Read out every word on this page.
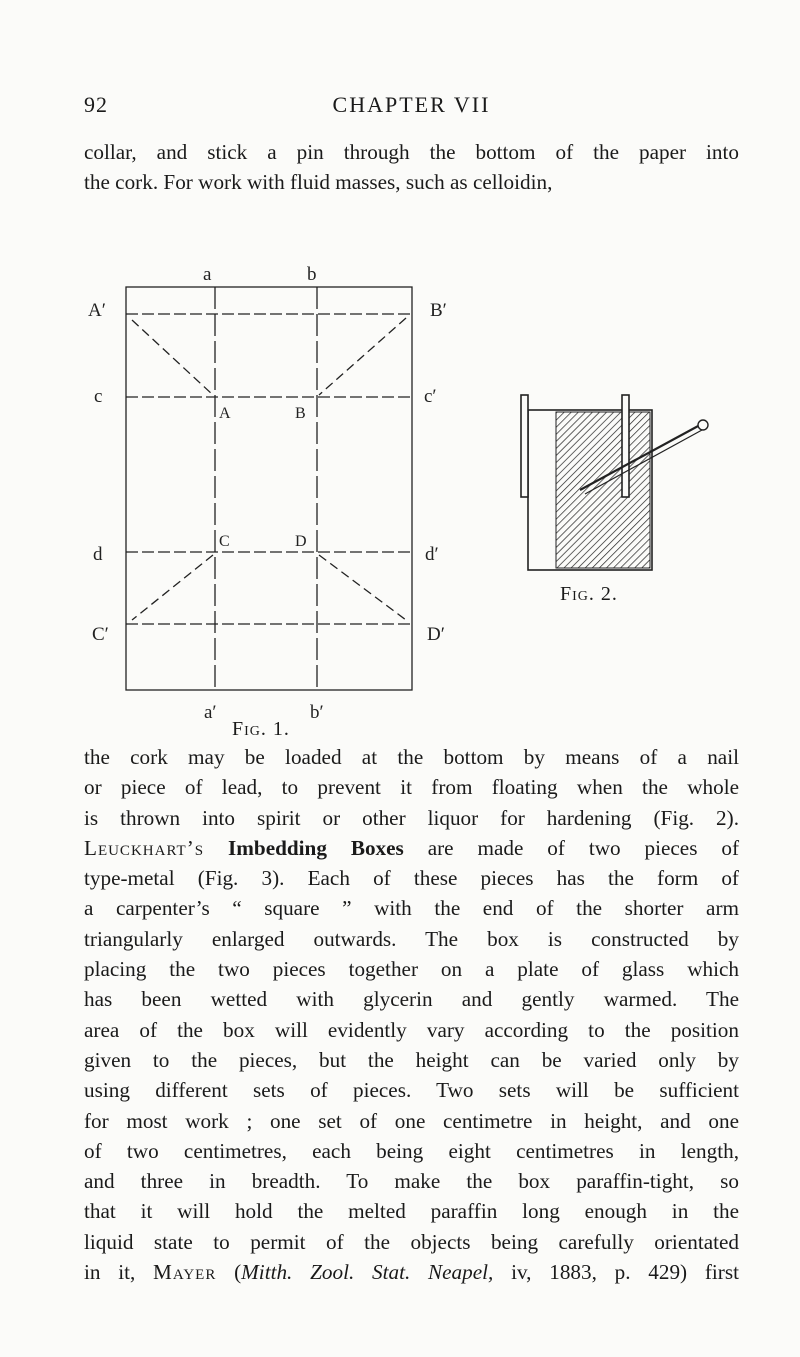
92	CHAPTER VII

collar, and stick a pin through the bottom of the paper into
the cork. For work with fluid masses, such as celloidin,

a	b
A′	B′
c	c′
A	B
C	D
d	d′
C′	D′
a′	b′
Fig. 1.
Fig. 2.

the cork may be loaded at the bottom by means of a nail
or piece of lead, to prevent it from floating when the whole
is thrown into spirit or other liquor for hardening (Fig. 2).
Leuckhart’s Imbedding Boxes are made of two pieces of
type-metal (Fig. 3). Each of these pieces has the form of
a carpenter’s “ square ” with the end of the shorter arm
triangularly enlarged outwards. The box is constructed by
placing the two pieces together on a plate of glass which
has been wetted with glycerin and gently warmed. The
area of the box will evidently vary according to the position
given to the pieces, but the height can be varied only by
using different sets of pieces. Two sets will be sufficient
for most work ; one set of one centimetre in height, and one
of two centimetres, each being eight centimetres in length,
and three in breadth. To make the box paraffin-tight, so
that it will hold the melted paraffin long enough in the
liquid state to permit of the objects being carefully orientated
in it, Mayer (Mitth. Zool. Stat. Neapel, iv, 1883, p. 429) first
